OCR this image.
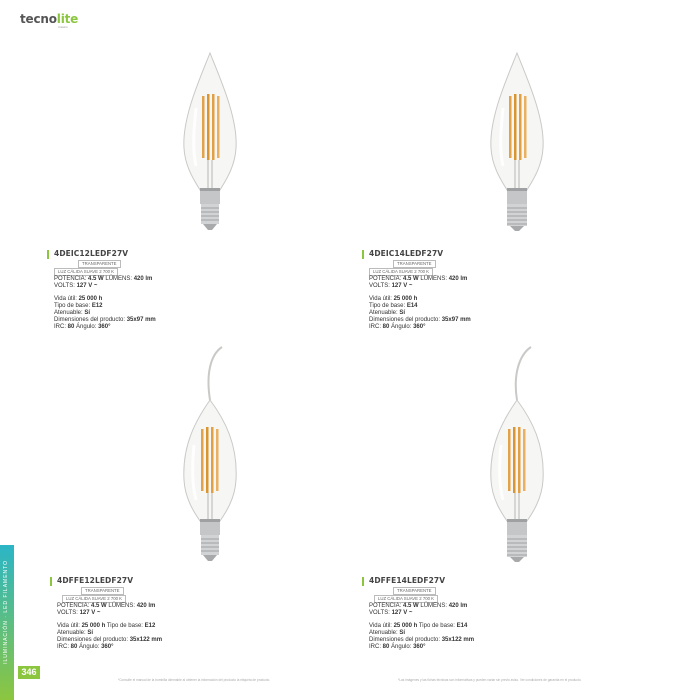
tecnolite
mexico
4DEIC12LEDF27V
TRANSPARENTE
LUZ CÁLIDA SUAVE 2 700 K
POTENCIA: 4.5 W LÚMENS: 420 lm
VOLTS: 127 V ~
Vida útil: 25 000 h
Tipo de base: E12
Atenuable: Sí
Dimensiones del producto: 35x97 mm
IRC: 80 Ángulo: 360°
4DEIC14LEDF27V
TRANSPARENTE
LUZ CÁLIDA SUAVE 2 700 K
POTENCIA: 4.5 W LÚMENS: 420 lm
VOLTS: 127 V ~
Vida útil: 25 000 h
Tipo de base: E14
Atenuable: Sí
Dimensiones del producto: 35x97 mm
IRC: 80 Ángulo: 360°
4DFFE12LEDF27V
TRANSPARENTE
LUZ CÁLIDA SUAVE 2 700 K
POTENCIA: 4.5 W LÚMENS: 420 lm
VOLTS: 127 V ~
Vida útil: 25 000 h Tipo de base: E12
Atenuable: Sí
Dimensiones del producto: 35x122 mm
IRC: 80 Ángulo: 360°
4DFFE14LEDF27V
TRANSPARENTE
LUZ CÁLIDA SUAVE 2 700 K
POTENCIA: 4.5 W LÚMENS: 420 lm
VOLTS: 127 V ~
Vida útil: 25 000 h Tipo de base: E14
Atenuable: Sí
Dimensiones del producto: 35x122 mm
IRC: 80 Ángulo: 360°
ILUMINACIÓN · LED FILAMENTO
346
*Consulte el manual de la bombilla dimmable al obtener la información del producto la etiqueta de producto.	*Las imágenes y las fichas técnicas son informativas y pueden variar sin previo aviso. Ver condiciones de garantía en el producto.
